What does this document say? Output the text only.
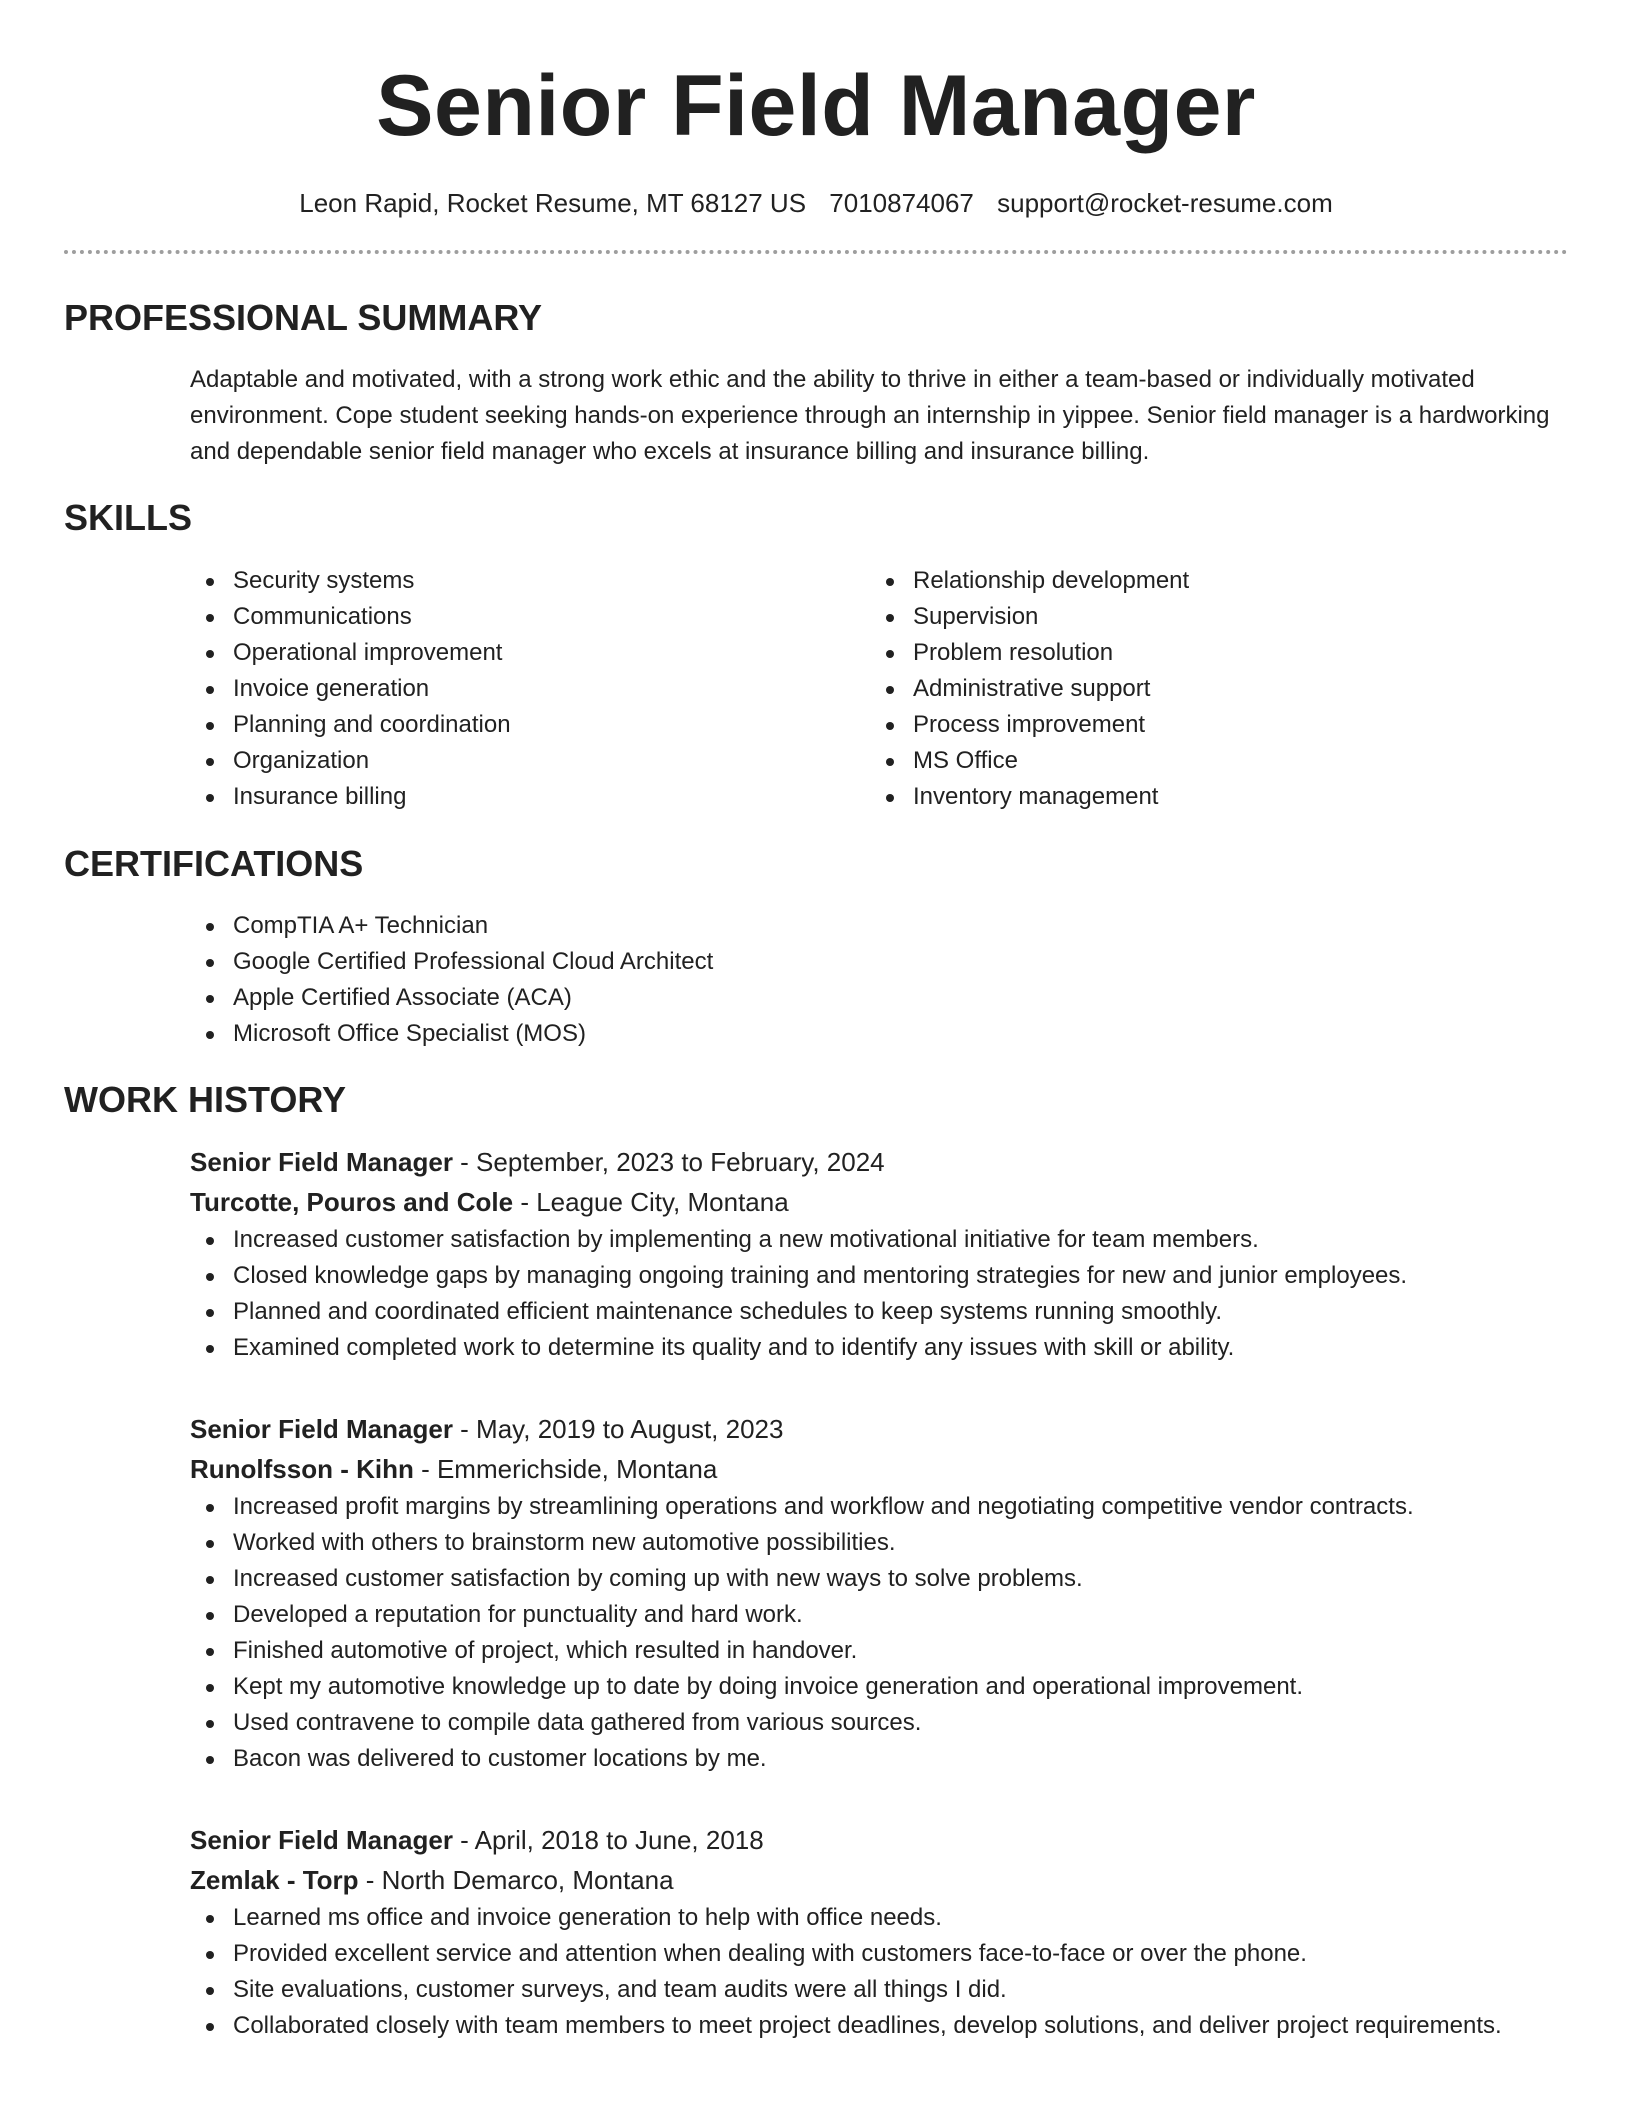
Senior Field Manager
Leon Rapid, Rocket Resume, MT 68127 US 7010874067 support@rocket-resume.com
PROFESSIONAL SUMMARY

Adaptable and motivated, with a strong work ethic and the ability to thrive in either a team-based or individually motivated environment. Cope student seeking hands-on experience through an internship in yippee. Senior field manager is a hardworking and dependable senior field manager who excels at insurance billing and insurance billing.

SKILLS
Security systems
Communications
Operational improvement
Invoice generation
Planning and coordination
Organization
Insurance billing
Relationship development
Supervision
Problem resolution
Administrative support
Process improvement
MS Office
Inventory management
CERTIFICATIONS
CompTIA A+ Technician
Google Certified Professional Cloud Architect
Apple Certified Associate (ACA)
Microsoft Office Specialist (MOS)
WORK HISTORY
Senior Field Manager - September, 2023 to February, 2024
Turcotte, Pouros and Cole - League City, Montana
Increased customer satisfaction by implementing a new motivational initiative for team members.
Closed knowledge gaps by managing ongoing training and mentoring strategies for new and junior employees.
Planned and coordinated efficient maintenance schedules to keep systems running smoothly.
Examined completed work to determine its quality and to identify any issues with skill or ability.
Senior Field Manager - May, 2019 to August, 2023
Runolfsson - Kihn - Emmerichside, Montana
Increased profit margins by streamlining operations and workflow and negotiating competitive vendor contracts.
Worked with others to brainstorm new automotive possibilities.
Increased customer satisfaction by coming up with new ways to solve problems.
Developed a reputation for punctuality and hard work.
Finished automotive of project, which resulted in handover.
Kept my automotive knowledge up to date by doing invoice generation and operational improvement.
Used contravene to compile data gathered from various sources.
Bacon was delivered to customer locations by me.
Senior Field Manager - April, 2018 to June, 2018
Zemlak - Torp - North Demarco, Montana
Learned ms office and invoice generation to help with office needs.
Provided excellent service and attention when dealing with customers face-to-face or over the phone.
Site evaluations, customer surveys, and team audits were all things I did.
Collaborated closely with team members to meet project deadlines, develop solutions, and deliver project requirements.
